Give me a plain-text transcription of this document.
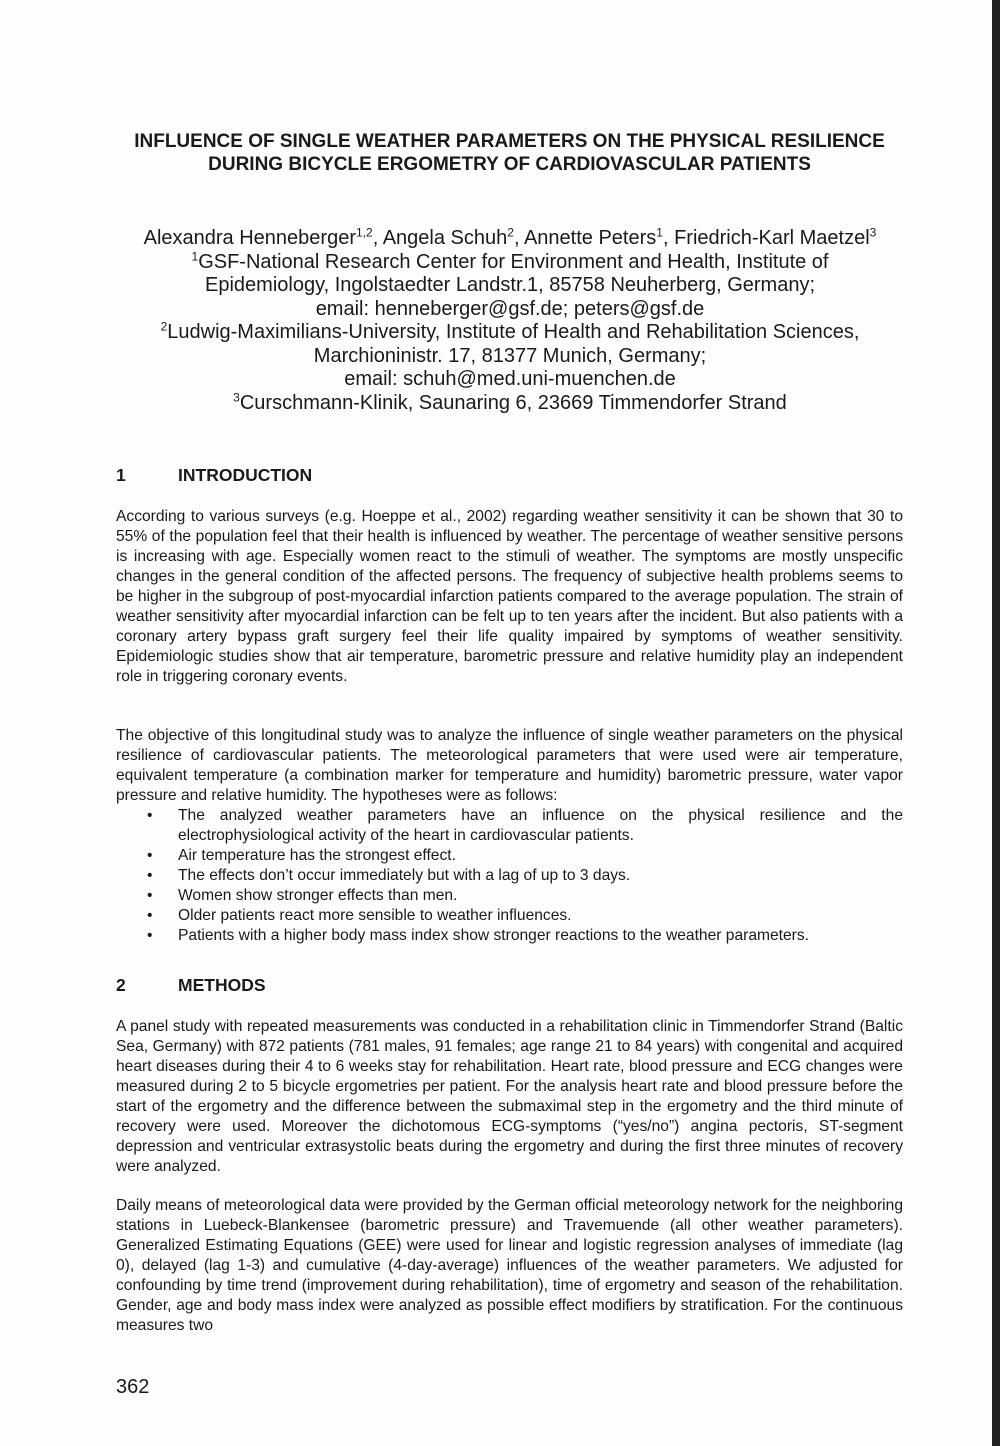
INFLUENCE OF SINGLE WEATHER PARAMETERS ON THE PHYSICAL RESILIENCE DURING BICYCLE ERGOMETRY OF CARDIOVASCULAR PATIENTS
Alexandra Henneberger$^{1,2}$, Angela Schuh$^2$, Annette Peters$^1$, Friedrich-Karl Maetzel$^3$
$^1$GSF-National Research Center for Environment and Health, Institute of Epidemiology, Ingolstaedter Landstr.1, 85758 Neuherberg, Germany;
email: henneberger@gsf.de; peters@gsf.de
$^2$Ludwig-Maximilians-University, Institute of Health and Rehabilitation Sciences, Marchioninistr. 17, 81377 Munich, Germany;
email: schuh@med.uni-muenchen.de
$^3$Curschmann-Klinik, Saunaring 6, 23669 Timmendorfer Strand
1	INTRODUCTION

According to various surveys (e.g. Hoeppe et al., 2002) regarding weather sensitivity it can be shown that 30 to 55% of the population feel that their health is influenced by weather. The percentage of weather sensitive persons is increasing with age. Especially women react to the stimuli of weather. The symptoms are mostly unspecific changes in the general condition of the affected persons. The frequency of subjective health problems seems to be higher in the subgroup of post-myocardial infarction patients compared to the average population. The strain of weather sensitivity after myocardial infarction can be felt up to ten years after the incident. But also patients with a coronary artery bypass graft surgery feel their life quality impaired by symptoms of weather sensitivity. Epidemiologic studies show that air temperature, barometric pressure and relative humidity play an independent role in triggering coronary events.

The objective of this longitudinal study was to analyze the influence of single weather parameters on the physical resilience of cardiovascular patients. The meteorological parameters that were used were air temperature, equivalent temperature (a combination marker for temperature and humidity) barometric pressure, water vapor pressure and relative humidity. The hypotheses were as follows:
• The analyzed weather parameters have an influence on the physical resilience and the electrophysiological activity of the heart in cardiovascular patients.
• Air temperature has the strongest effect.
• The effects don’t occur immediately but with a lag of up to 3 days.
• Women show stronger effects than men.
• Older patients react more sensible to weather influences.
• Patients with a higher body mass index show stronger reactions to the weather parameters.
2	METHODS

A panel study with repeated measurements was conducted in a rehabilitation clinic in Timmendorfer Strand (Baltic Sea, Germany) with 872 patients (781 males, 91 females; age range 21 to 84 years) with congenital and acquired heart diseases during their 4 to 6 weeks stay for rehabilitation. Heart rate, blood pressure and ECG changes were measured during 2 to 5 bicycle ergometries per patient. For the analysis heart rate and blood pressure before the start of the ergometry and the difference between the submaximal step in the ergometry and the third minute of recovery were used. Moreover the dichotomous ECG-symptoms (“yes/no”) angina pectoris, ST-segment depression and ventricular extrasystolic beats during the ergometry and during the first three minutes of recovery were analyzed.

Daily means of meteorological data were provided by the German official meteorology network for the neighboring stations in Luebeck-Blankensee (barometric pressure) and Travemuende (all other weather parameters). Generalized Estimating Equations (GEE) were used for linear and logistic regression analyses of immediate (lag 0), delayed (lag 1-3) and cumulative (4-day-average) influences of the weather parameters. We adjusted for confounding by time trend (improvement during rehabilitation), time of ergometry and season of the rehabilitation. Gender, age and body mass index were analyzed as possible effect modifiers by stratification. For the continuous measures two

362
